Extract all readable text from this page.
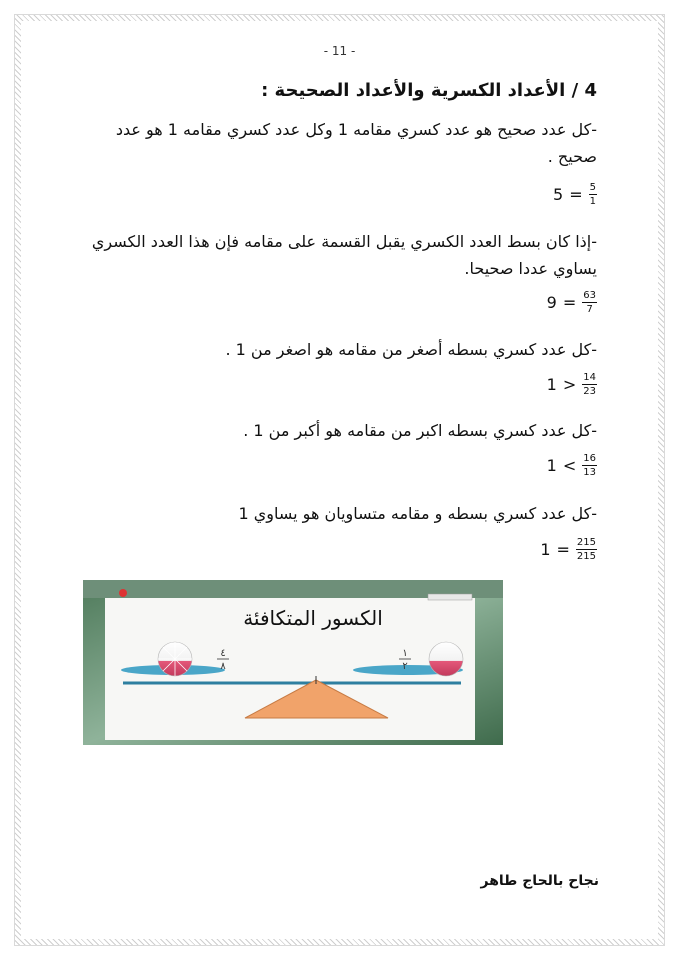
- 11 -
4 / الأعداد الكسرية والأعداد الصحيحة :
-كل عدد صحيح هو عدد كسري مقامه 1 وكل عدد كسري مقامه 1 هو عدد صحيح .
$5 = \frac{5}{1}$
-إذا كان بسط العدد الكسري يقبل القسمة على مقامه فإن هذا العدد الكسري يساوي عددا صحيحا.
$9 = \frac{63}{7}$
-كل عدد كسري بسطه أصغر من مقامه هو اصغر من 1 .
$1 > \frac{14}{23}$
-كل عدد كسري بسطه اكبر من مقامه هو أكبر من 1 .
$1 < \frac{16}{13}$
-كل عدد كسري بسطه و مقامه متساويان هو يساوي 1
$1 = \frac{215}{215}$
الكسور المتكافئة
٤
٨
١
٢
نجاح بالحاج طاهر
